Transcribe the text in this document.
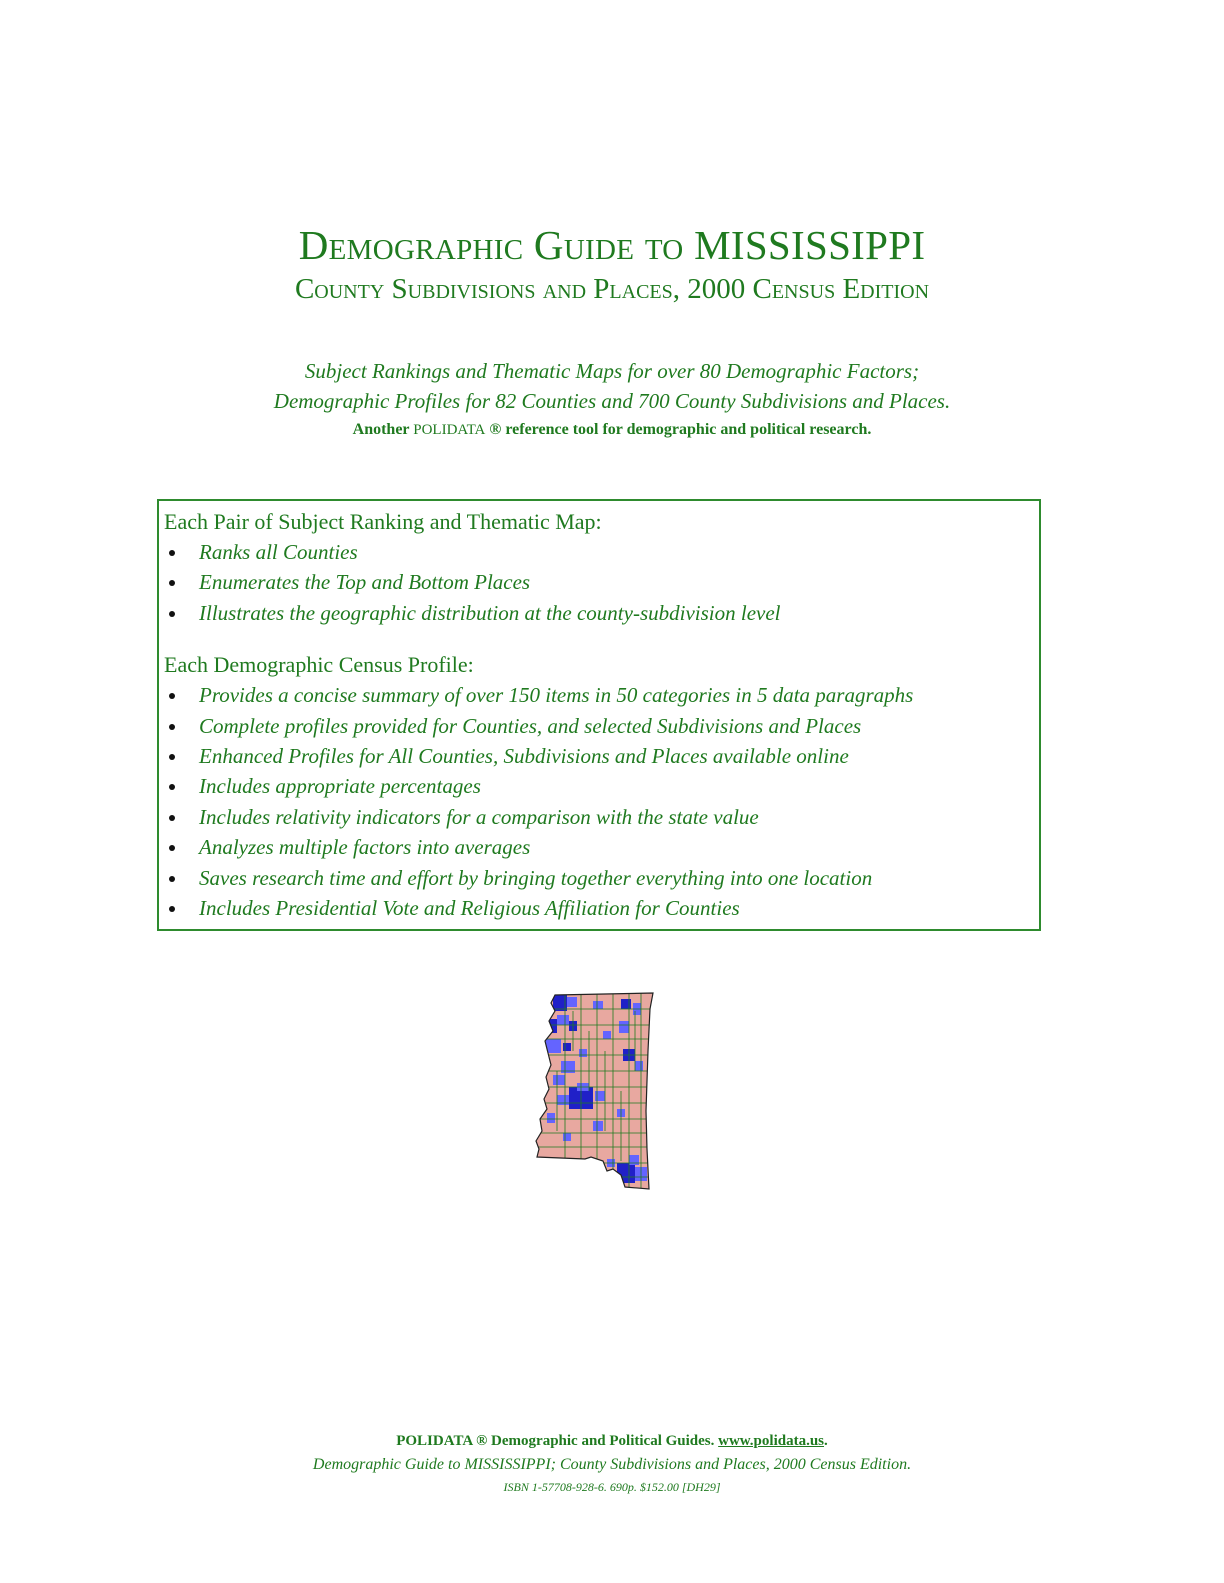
Demographic Guide to MISSISSIPPI
County Subdivisions and Places, 2000 Census Edition
Subject Rankings and Thematic Maps for over 80 Demographic Factors;
Demographic Profiles for 82 Counties and 700 County Subdivisions and Places.
Another POLIDATA ® reference tool for demographic and political research.
Each Pair of Subject Ranking and Thematic Map:
Ranks all Counties
Enumerates the Top and Bottom Places
Illustrates the geographic distribution at the county-subdivision level
Each Demographic Census Profile:
Provides a concise summary of over 150 items in 50 categories in 5 data paragraphs
Complete profiles provided for Counties, and selected Subdivisions and Places
Enhanced Profiles for All Counties, Subdivisions and Places available online
Includes appropriate percentages
Includes relativity indicators for a comparison with the state value
Analyzes multiple factors into averages
Saves research time and effort by bringing together everything into one location
Includes Presidential Vote and Religious Affiliation for Counties
POLIDATA ® Demographic and Political Guides. www.polidata.us.
Demographic Guide to MISSISSIPPI; County Subdivisions and Places, 2000 Census Edition.
ISBN 1-57708-928-6. 690p. $152.00 [DH29]
